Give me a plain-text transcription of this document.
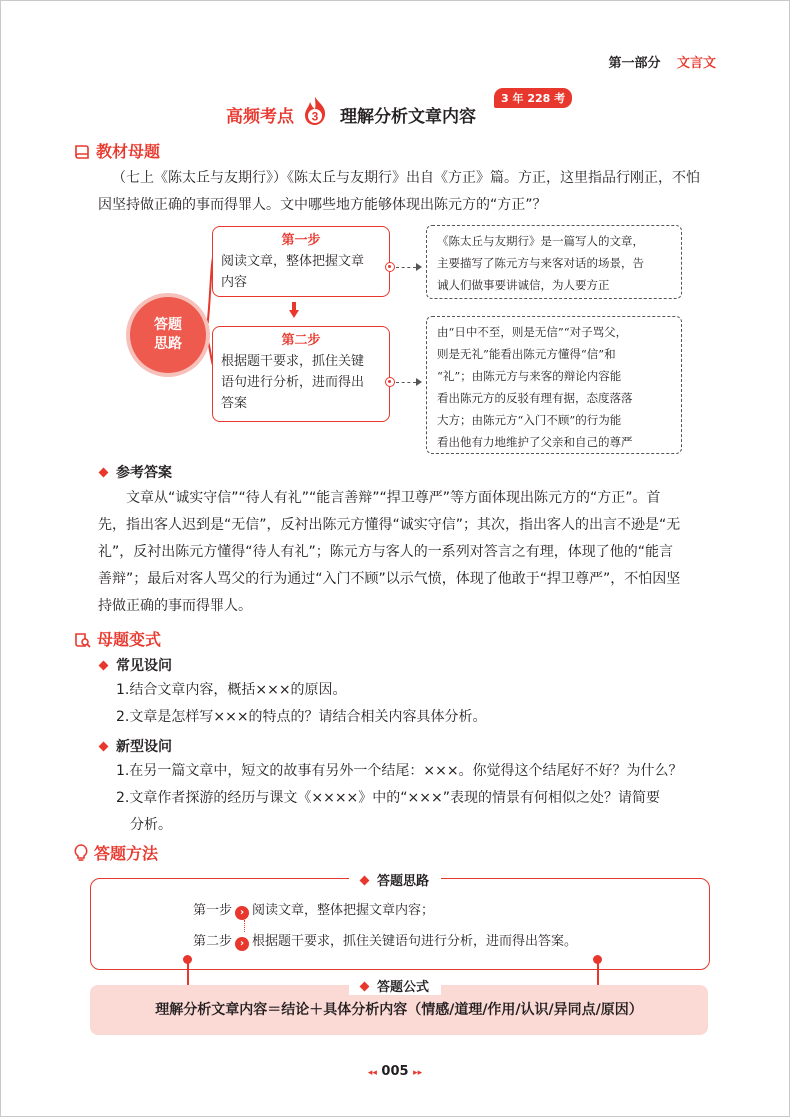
第一部分 文言文
高频考点 3 理解分析文章内容
3 年 228 考
教材母题
（七上《陈太丘与友期行》）《陈太丘与友期行》出自《方正》篇。方正，这里指品行刚正，不怕
因坚持做正确的事而得罪人。文中哪些地方能够体现出陈元方的“方正”？
答题
思路
第一步
阅读文章，整体把握文章
内容
第二步
根据题干要求，抓住关键
语句进行分析，进而得出
答案
《陈太丘与友期行》是一篇写人的文章，
主要描写了陈元方与来客对话的场景，告
诫人们做事要讲诚信，为人要方正
由“日中不至，则是无信”“对子骂父，
则是无礼”能看出陈元方懂得“信”和
“礼”；由陈元方与来客的辩论内容能
看出陈元方的反驳有理有据，态度落落
大方；由陈元方“入门不顾”的行为能
看出他有力地维护了父亲和自己的尊严
参考答案
文章从“诚实守信”“待人有礼”“能言善辩”“捍卫尊严”等方面体现出陈元方的“方正”。首
先，指出客人迟到是“无信”，反衬出陈元方懂得“诚实守信”；其次，指出客人的出言不逊是“无
礼”，反衬出陈元方懂得“待人有礼”；陈元方与客人的一系列对答言之有理，体现了他的“能言
善辩”；最后对客人骂父的行为通过“入门不顾”以示气愤，体现了他敢于“捍卫尊严”，不怕因坚
持做正确的事而得罪人。
母题变式
常见设问
1.结合文章内容，概括×××的原因。
2.文章是怎样写×××的特点的？请结合相关内容具体分析。
新型设问
1.在另一篇文章中，短文的故事有另外一个结尾：×××。你觉得这个结尾好不好？为什么？
2.文章作者探游的经历与课文《××××》中的“×××”表现的情景有何相似之处？请简要
分析。
答题方法
答题思路
第一步 › 阅读文章，整体把握文章内容；
第二步 › 根据题干要求，抓住关键语句进行分析，进而得出答案。
理解分析文章内容＝结论＋具体分析内容（情感/道理/作用/认识/异同点/原因）
答题公式
◂◂ 005 ▸▸
